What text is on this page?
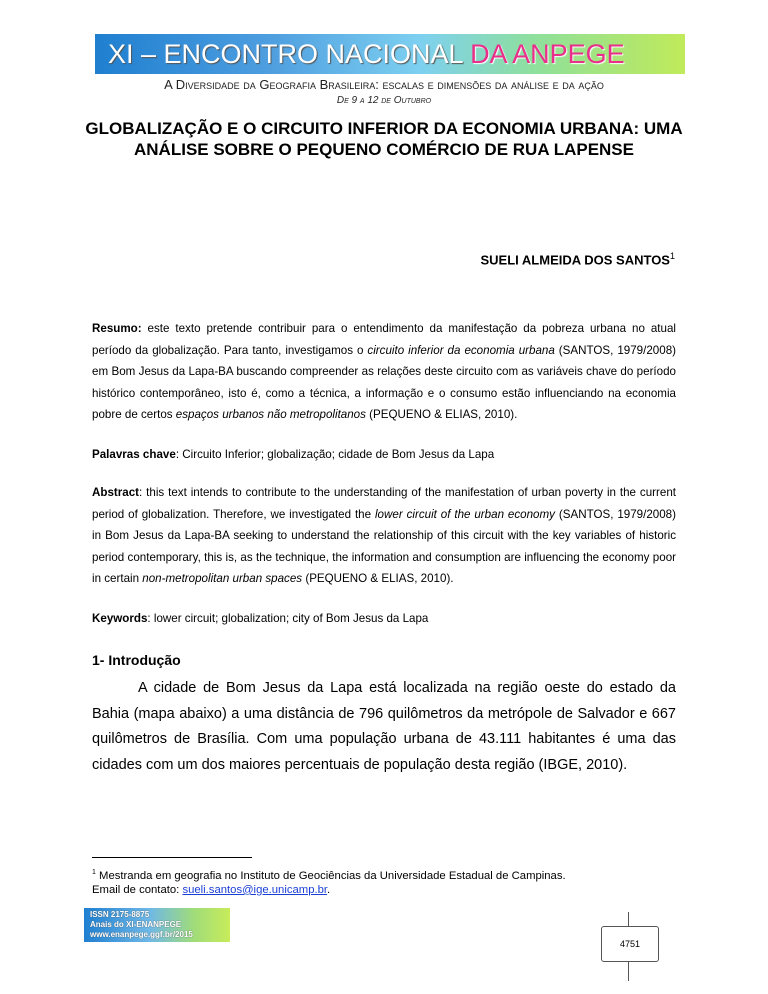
XI – ENCONTRO NACIONAL DA ANPEGE
A Diversidade da Geografia Brasileira: escalas e dimensões da análise e da ação
De 9 a 12 de Outubro
GLOBALIZAÇÃO E O CIRCUITO INFERIOR DA ECONOMIA URBANA: UMA ANÁLISE SOBRE O PEQUENO COMÉRCIO DE RUA LAPENSE
SUELI ALMEIDA DOS SANTOS$^1$

Resumo: este texto pretende contribuir para o entendimento da manifestação da pobreza urbana no atual período da globalização. Para tanto, investigamos o circuito inferior da economia urbana (SANTOS, 1979/2008) em Bom Jesus da Lapa-BA buscando compreender as relações deste circuito com as variáveis chave do período histórico contemporâneo, isto é, como a técnica, a informação e o consumo estão influenciando na economia pobre de certos espaços urbanos não metropolitanos (PEQUENO & ELIAS, 2010).

Palavras chave: Circuito Inferior; globalização; cidade de Bom Jesus da Lapa

Abstract: this text intends to contribute to the understanding of the manifestation of urban poverty in the current period of globalization. Therefore, we investigated the lower circuit of the urban economy (SANTOS, 1979/2008) in Bom Jesus da Lapa-BA seeking to understand the relationship of this circuit with the key variables of historic period contemporary, this is, as the technique, the information and consumption are influencing the economy poor in certain non-metropolitan urban spaces (PEQUENO & ELIAS, 2010).

Keywords: lower circuit; globalization; city of Bom Jesus da Lapa
1- Introdução

A cidade de Bom Jesus da Lapa está localizada na região oeste do estado da Bahia (mapa abaixo) a uma distância de 796 quilômetros da metrópole de Salvador e 667 quilômetros de Brasília. Com uma população urbana de 43.111 habitantes é uma das cidades com um dos maiores percentuais de população desta região (IBGE, 2010).

$^1$ Mestranda em geografia no Instituto de Geociências da Universidade Estadual de Campinas.
Email de contato: sueli.santos@ige.unicamp.br.
ISSN 2175-8875
Anais do XI-ENANPEGE
www.enanpege.ggf.br/2015
4751
